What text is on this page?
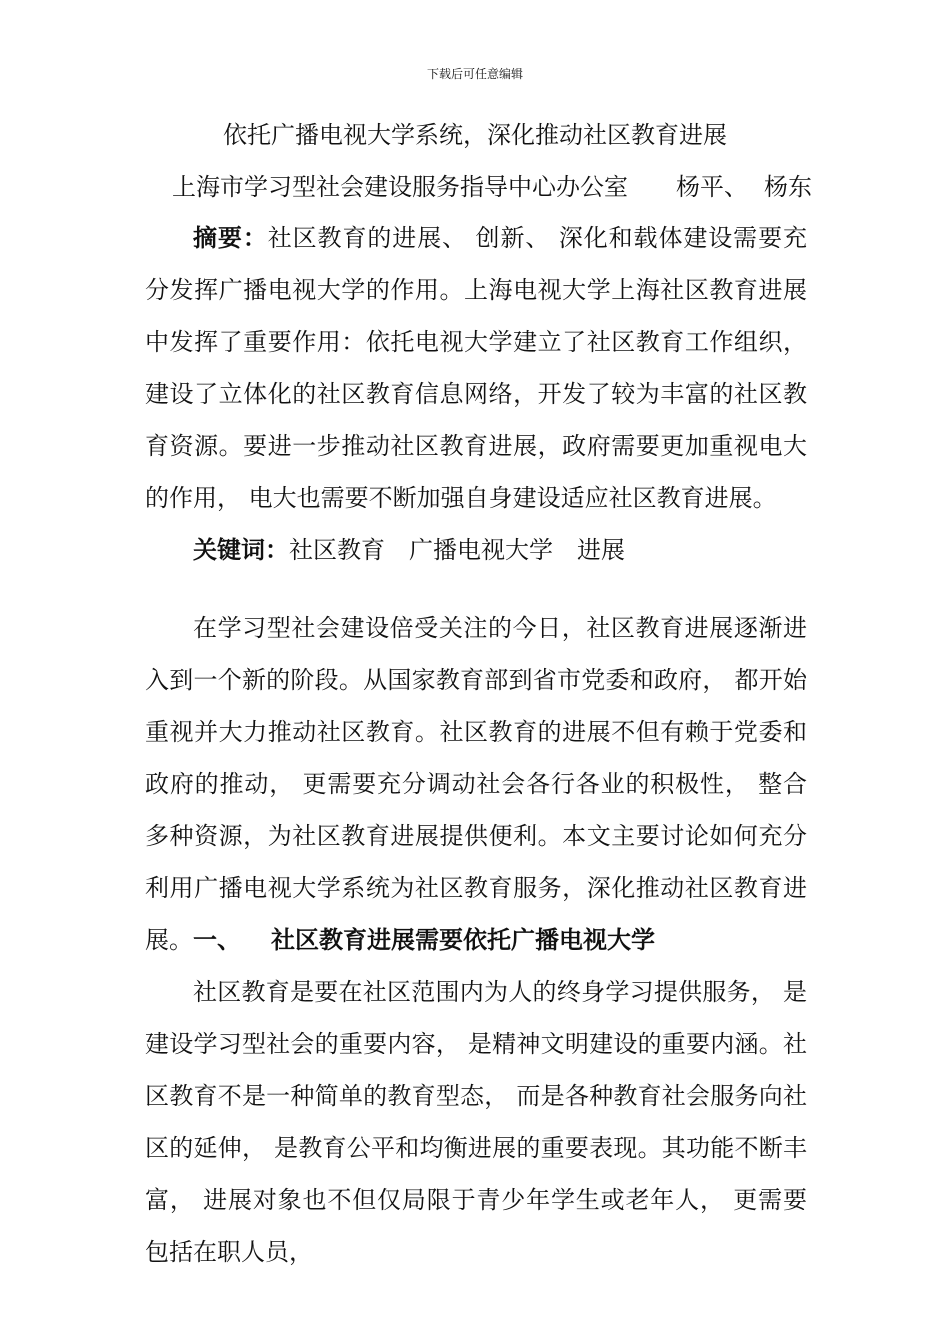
下载后可任意编辑
依托广播电视大学系统，深化推动社区教育进展
上海市学习型社会建设服务指导中心办公室 杨平、 杨东
摘要：社区教育的进展、 创新、 深化和载体建设需要充分发挥广播电视大学的作用。上海电视大学上海社区教育进展中发挥了重要作用：依托电视大学建立了社区教育工作组织， 建设了立体化的社区教育信息网络，开发了较为丰富的社区教育资源。要进一步推动社区教育进展，政府需要更加重视电大的作用， 电大也需要不断加强自身建设适应社区教育进展。
关键词：社区教育 广播电视大学 进展
在学习型社会建设倍受关注的今日，社区教育进展逐渐进入到一个新的阶段。从国家教育部到省市党委和政府， 都开始重视并大力推动社区教育。社区教育的进展不但有赖于党委和政府的推动， 更需要充分调动社会各行各业的积极性， 整合多种资源，为社区教育进展提供便利。本文主要讨论如何充分利用广播电视大学系统为社区教育服务，深化推动社区教育进展。 一、 社区教育进展需要依托广播电视大学
社区教育是要在社区范围内为人的终身学习提供服务， 是建设学习型社会的重要内容， 是精神文明建设的重要内涵。社区教育不是一种简单的教育型态， 而是各种教育社会服务向社区的延伸， 是教育公平和均衡进展的重要表现。其功能不断丰富， 进展对象也不但仅局限于青少年学生或老年人， 更需要包括在职人员，
